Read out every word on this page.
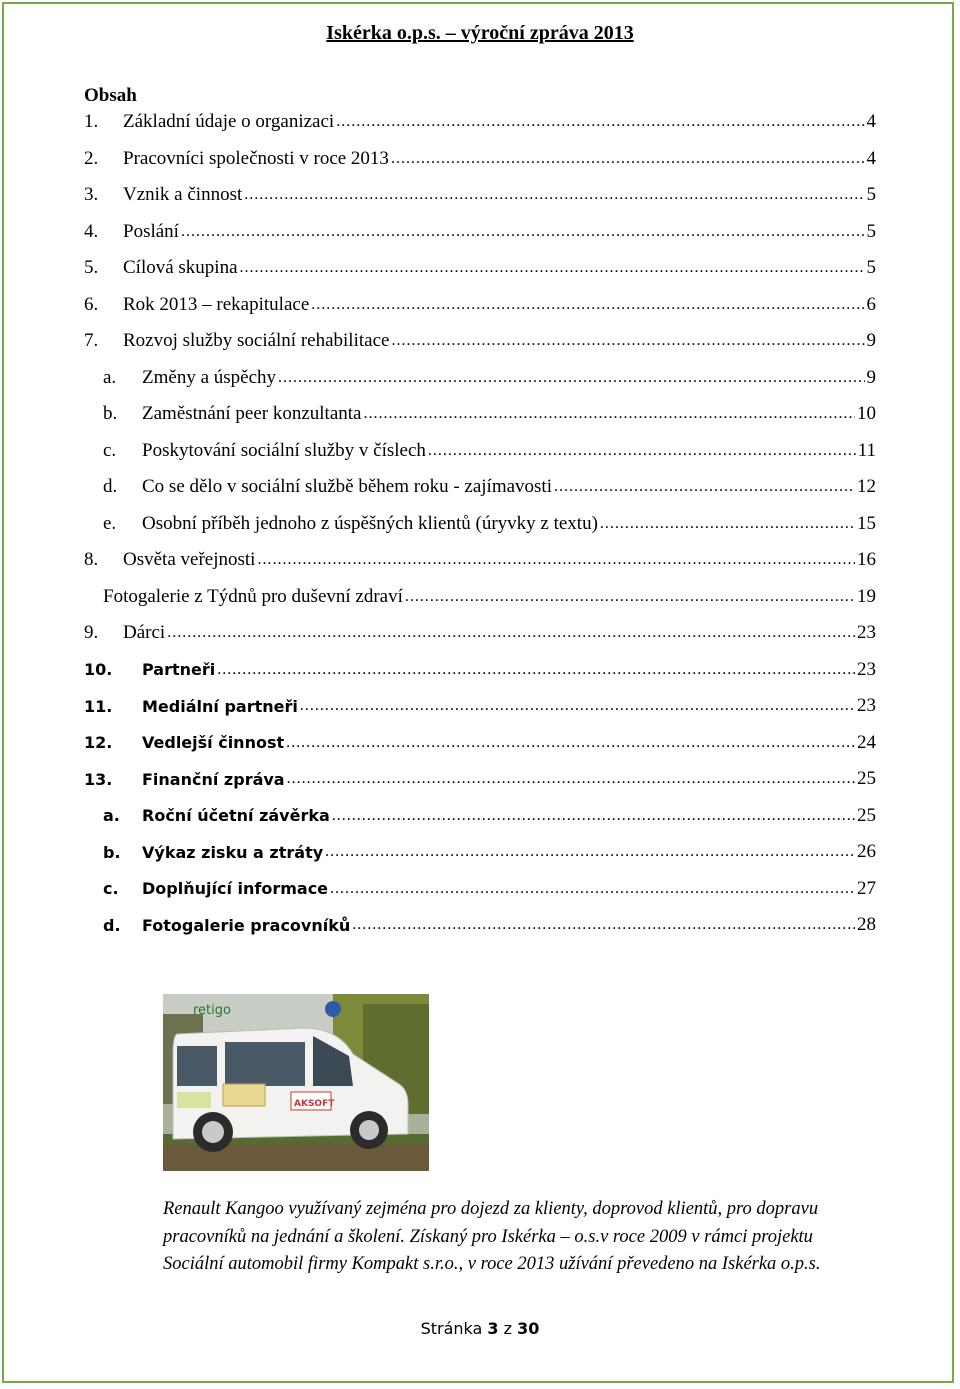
Iskérka o.p.s. – výroční zpráva 2013
Obsah
1.	Základní údaje o organizaci .....	4
2.	Pracovníci společnosti v roce 2013 .....	4
3.	Vznik a činnost .....	5
4.	Poslání .....	5
5.	Cílová skupina .....	5
6.	Rok 2013 – rekapitulace .....	6
7.	Rozvoj služby sociální rehabilitace .....	9
a.	Změny a úspěchy .....	9
b.	Zaměstnání peer konzultanta .....	10
c.	Poskytování sociální služby v číslech .....	11
d.	Co se dělo v sociální službě během roku - zajímavosti .....	12
e.	Osobní příběh jednoho z úspěšných klientů (úryvky z textu) .....	15
8.	Osvěta veřejnosti .....	16
Fotogalerie z Týdnů pro duševní zdraví .....	19
9.	Dárci .....	23
10.	Partneři .....	23
11.	Mediální partneři .....	23
12.	Vedlejší činnost .....	24
13.	Finanční zpráva .....	25
a.	Roční účetní závěrka .....	25
b.	Výkaz zisku a ztráty .....	26
c.	Doplňující informace .....	27
d.	Fotogalerie pracovníků .....	28
retigo
AKSOFT
Renault Kangoo využívaný zejména pro dojezd za klienty, doprovod klientů, pro dopravu pracovníků na jednání a školení. Získaný pro Iskérka – o.s.v roce 2009 v rámci projektu Sociální automobil firmy Kompakt s.r.o., v roce 2013 užívání převedeno na Iskérka o.p.s.
Stránka 3 z 30
